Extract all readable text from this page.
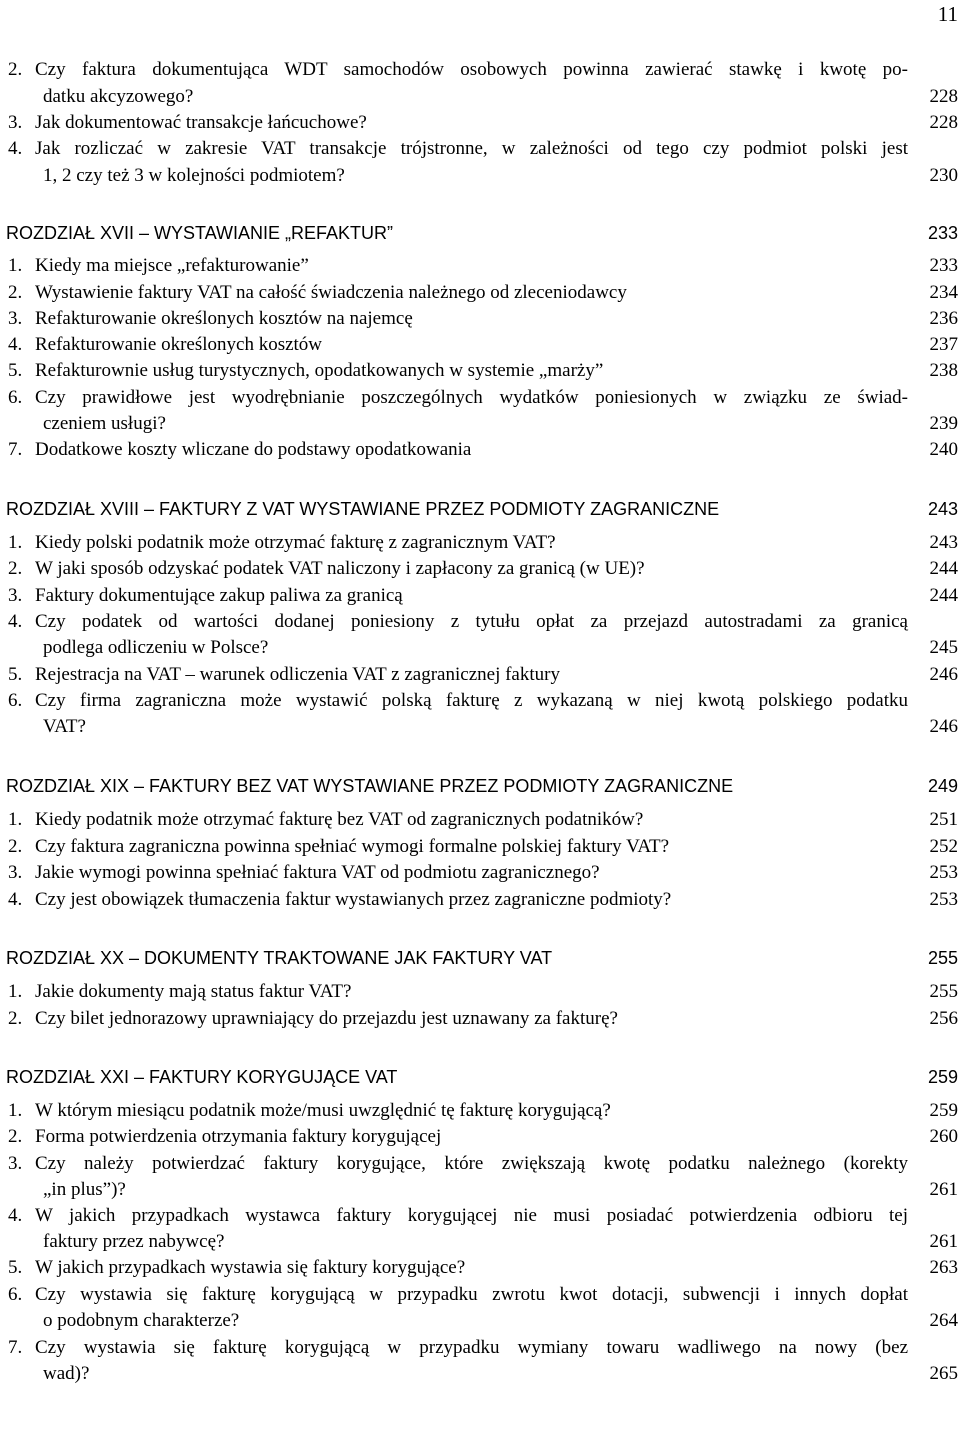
11
2. Czy faktura dokumentująca WDT samochodów osobowych powinna zawierać stawkę i kwotę po-
datku akcyzowego?	228
3. Jak dokumentować transakcje łańcuchowe?	228
4. Jak rozliczać w zakresie VAT transakcje trójstronne, w zależności od tego czy podmiot polski jest
1, 2 czy też 3 w kolejności podmiotem?	230
ROZDZIAŁ XVII – WYSTAWIANIE „REFAKTUR”	233
1. Kiedy ma miejsce „refakturowanie”	233
2. Wystawienie faktury VAT na całość świadczenia należnego od zleceniodawcy	234
3. Refakturowanie określonych kosztów na najemcę	236
4. Refakturowanie określonych kosztów	237
5. Refakturownie usług turystycznych, opodatkowanych w systemie „marży”	238
6. Czy prawidłowe jest wyodrębnianie poszczególnych wydatków poniesionych w związku ze świad-
czeniem usługi?	239
7. Dodatkowe koszty wliczane do podstawy opodatkowania	240
ROZDZIAŁ XVIII – FAKTURY Z VAT WYSTAWIANE PRZEZ PODMIOTY ZAGRANICZNE	243
1. Kiedy polski podatnik może otrzymać fakturę z zagranicznym VAT?	243
2. W jaki sposób odzyskać podatek VAT naliczony i zapłacony za granicą (w UE)?	244
3. Faktury dokumentujące zakup paliwa za granicą	244
4. Czy podatek od wartości dodanej poniesiony z tytułu opłat za przejazd autostradami za granicą
podlega odliczeniu w Polsce?	245
5. Rejestracja na VAT – warunek odliczenia VAT z zagranicznej faktury	246
6. Czy firma zagraniczna może wystawić polską fakturę z wykazaną w niej kwotą polskiego podatku
VAT?	246
ROZDZIAŁ XIX – FAKTURY BEZ VAT WYSTAWIANE PRZEZ PODMIOTY ZAGRANICZNE	249
1. Kiedy podatnik może otrzymać fakturę bez VAT od zagranicznych podatników?	251
2. Czy faktura zagraniczna powinna spełniać wymogi formalne polskiej faktury VAT?	252
3. Jakie wymogi powinna spełniać faktura VAT od podmiotu zagranicznego?	253
4. Czy jest obowiązek tłumaczenia faktur wystawianych przez zagraniczne podmioty?	253
ROZDZIAŁ XX – DOKUMENTY TRAKTOWANE JAK FAKTURY VAT	255
1. Jakie dokumenty mają status faktur VAT?	255
2. Czy bilet jednorazowy uprawniający do przejazdu jest uznawany za fakturę?	256
ROZDZIAŁ XXI – FAKTURY KORYGUJĄCE VAT	259
1. W którym miesiącu podatnik może/musi uwzględnić tę fakturę korygującą?	259
2. Forma potwierdzenia otrzymania faktury korygującej	260
3. Czy należy potwierdzać faktury korygujące, które zwiększają kwotę podatku należnego (korekty
„in plus”)?	261
4. W jakich przypadkach wystawca faktury korygującej nie musi posiadać potwierdzenia odbioru tej
faktury przez nabywcę?	261
5. W jakich przypadkach wystawia się faktury korygujące?	263
6. Czy wystawia się fakturę korygującą w przypadku zwrotu kwot dotacji, subwencji i innych dopłat
o podobnym charakterze?	264
7. Czy wystawia się fakturę korygującą w przypadku wymiany towaru wadliwego na nowy (bez
wad)?	265
